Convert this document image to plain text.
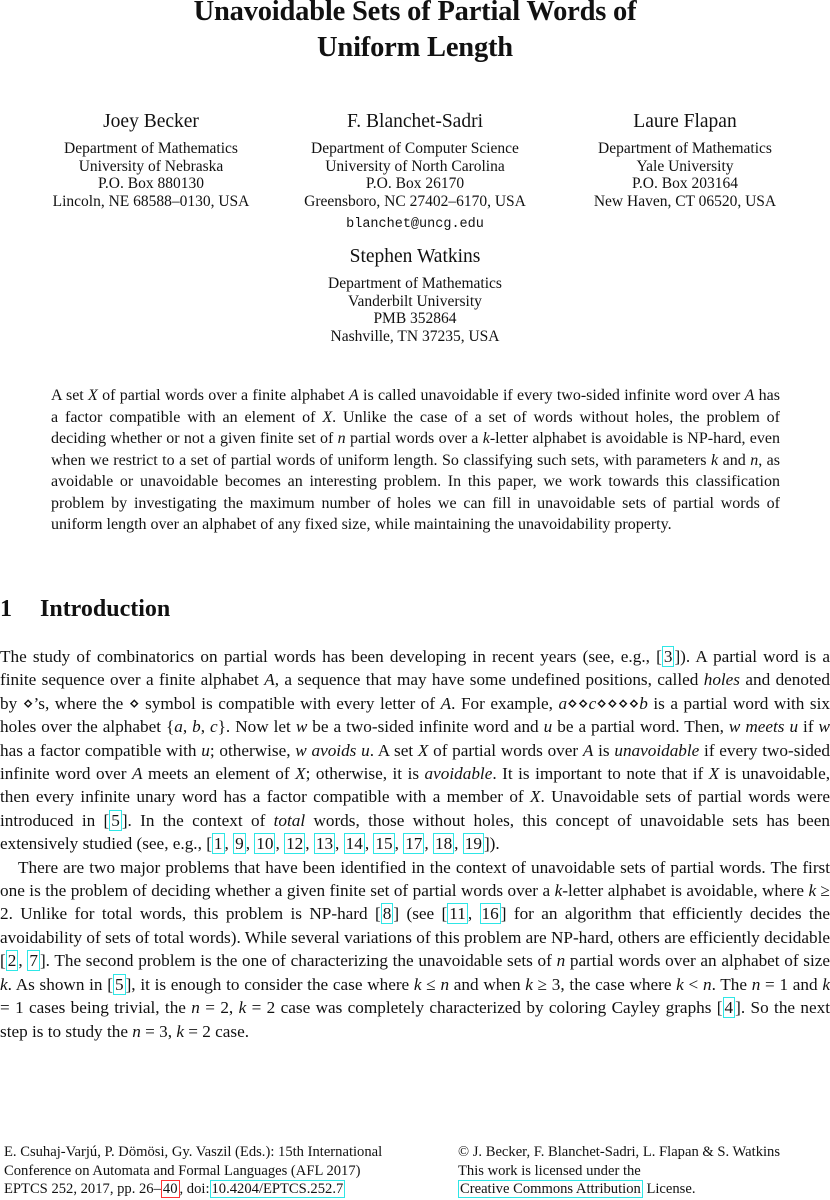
Unavoidable Sets of Partial Words of
Uniform Length
Joey Becker
Department of Mathematics
University of Nebraska
P.O. Box 880130
Lincoln, NE 68588–0130, USA
F. Blanchet-Sadri
Department of Computer Science
University of North Carolina
P.O. Box 26170
Greensboro, NC 27402–6170, USA
blanchet@uncg.edu
Laure Flapan
Department of Mathematics
Yale University
P.O. Box 203164
New Haven, CT 06520, USA
Stephen Watkins
Department of Mathematics
Vanderbilt University
PMB 352864
Nashville, TN 37235, USA
A set X of partial words over a finite alphabet A is called unavoidable if every two-sided infinite word over A has a factor compatible with an element of X. Unlike the case of a set of words without holes, the problem of deciding whether or not a given finite set of n partial words over a k-letter alphabet is avoidable is NP-hard, even when we restrict to a set of partial words of uniform length. So classifying such sets, with parameters k and n, as avoidable or unavoidable becomes an interesting problem. In this paper, we work towards this classification problem by investigating the maximum number of holes we can fill in unavoidable sets of partial words of uniform length over an alphabet of any fixed size, while maintaining the unavoidability property.
1 Introduction

The study of combinatorics on partial words has been developing in recent years (see, e.g., [ 3 ]). A partial word is a finite sequence over a finite alphabet A, a sequence that may have some undefined positions, called holes and denoted by ⋄’s, where the ⋄ symbol is compatible with every letter of A. For example, a⋄⋄c⋄⋄⋄⋄b is a partial word with six holes over the alphabet {a, b, c}. Now let w be a two-sided infinite word and u be a partial word. Then, w meets u if w has a factor compatible with u; otherwise, w avoids u. A set X of partial words over A is unavoidable if every two-sided infinite word over A meets an element of X; otherwise, it is avoidable. It is important to note that if X is unavoidable, then every infinite unary word has a factor compatible with a member of X. Unavoidable sets of partial words were introduced in [ 5 ]. In the context of total words, those without holes, this concept of unavoidable sets has been extensively studied (see, e.g., [ 1 , 9 , 10 , 12 , 13 , 14 , 15 , 17 , 18 , 19 ]).

There are two major problems that have been identified in the context of unavoidable sets of partial words. The first one is the problem of deciding whether a given finite set of partial words over a k-letter alphabet is avoidable, where k ≥ 2. Unlike for total words, this problem is NP-hard [ 8 ] (see [ 11 , 16 ] for an algorithm that efficiently decides the avoidability of sets of total words). While several variations of this problem are NP-hard, others are efficiently decidable [ 2 , 7 ]. The second problem is the one of characterizing the unavoidable sets of n partial words over an alphabet of size k. As shown in [ 5 ], it is enough to consider the case where k ≤ n and when k ≥ 3, the case where k < n. The n = 1 and k = 1 cases being trivial, the n = 2, k = 2 case was completely characterized by coloring Cayley graphs [ 4 ]. So the next step is to study the n = 3, k = 2 case.

E. Csuhaj-Varjú, P. Dömösi, Gy. Vaszil (Eds.): 15th International
Conference on Automata and Formal Languages (AFL 2017)
EPTCS 252, 2017, pp. 26– 40 , doi: 10.4204/EPTCS.252.7
© J. Becker, F. Blanchet-Sadri, L. Flapan & S. Watkins
This work is licensed under the
Creative Commons Attribution License.
